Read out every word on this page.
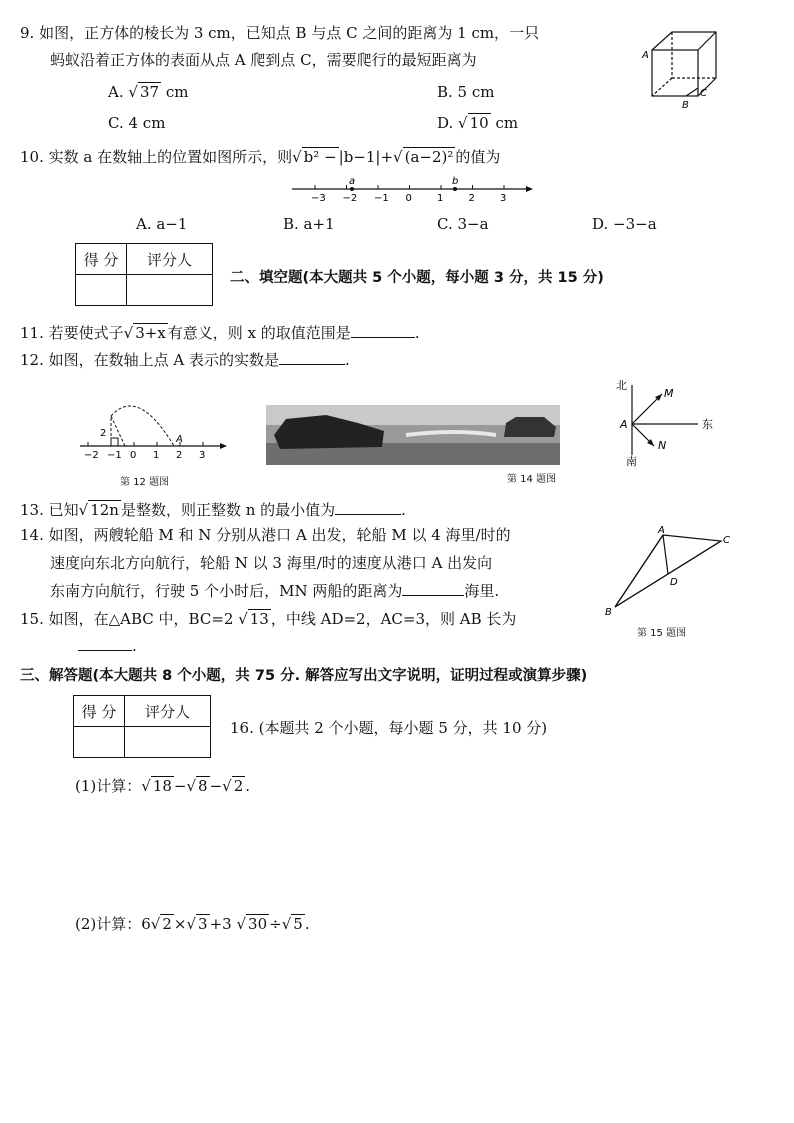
9. 如图，正方体的棱长为 3 cm，已知点 B 与点 C 之间的距离为 1 cm，一只
蚂蚁沿着正方体的表面从点 A 爬到点 C，需要爬行的最短距离为
A. √ 37 cm	B. 5 cm
C. 4 cm	D. √ 10 cm
A
B
C
10. 实数 a 在数轴上的位置如图所示，则√ b² − |b−1|+√ (a−2)² 的值为
−3 −2 −1 0	1	2	3
a	b
A. a−1	B. a+1	C. 3−a	D. −3−a
得 分	评分人

二、填空题(本大题共 5 个小题，每小题 3 分，共 15 分)
11. 若要使式子√ 3+x 有意义，则 x 的取值范围是	.
12. 如图，在数轴上点 A 表示的实数是	.
−2 −1 0 1 2 3
2
A
第 12 题图	第 14 题图
北
南
东
M
N
A
13. 已知√ 12n 是整数，则正整数 n 的最小值为	.
14. 如图，两艘轮船 M 和 N 分别从港口 A 出发，轮船 M 以 4 海里/时的
速度向东北方向航行，轮船 N 以 3 海里/时的速度从港口 A 出发向
东南方向航行，行驶 5 个小时后，MN 两船的距离为	海里.
15. 如图，在△ABC 中，BC=2 √ 13 ，中线 AD=2，AC=3，则 AB 长为
.
A
B
C
D
第 15 题图
三、解答题(本大题共 8 个小题，共 75 分. 解答应写出文字说明，证明过程或演算步骤)
得 分	评分人

16. (本题共 2 个小题，每小题 5 分，共 10 分)
(1)计算：√ 18 −√ 8 −√ 2 .
(2)计算：6√ 2 ×√ 3 +3 √ 30 ÷√ 5 .
